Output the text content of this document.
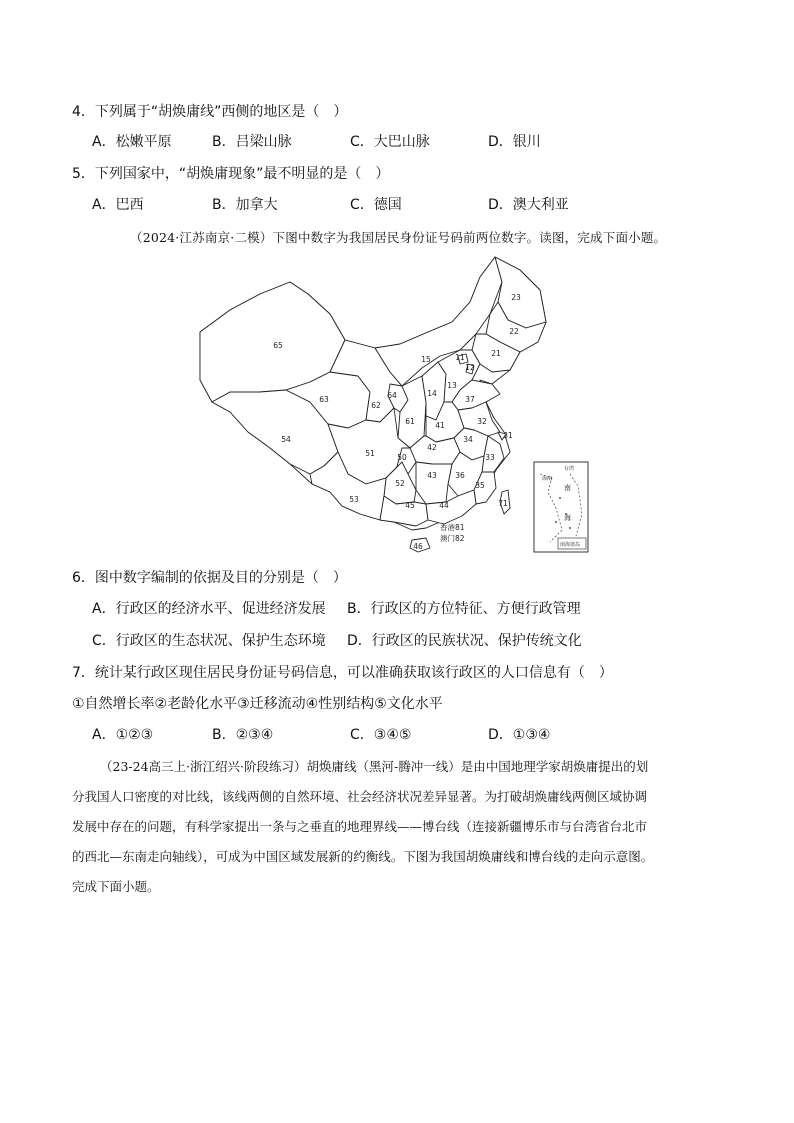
4．下列属于“胡焕庸线”西侧的地区是（　）
A．松嫩平原	B．吕梁山脉	C．大巴山脉	D．银川
5．下列国家中，“胡焕庸现象”最不明显的是（　）
A．巴西	B．加拿大	C．德国	D．澳大利亚
（2024·江苏南京·二模）下图中数字为我国居民身份证号码前两位数字。读图，完成下面小题。
23
22
21
15
65
64
62
63
14
13
11
12
37
61	41	32
31
54
51
42
34
50	33
43 36
52	35
53
45	44	71
46
香港81
澳门82
台湾
海南
南
海
南海诸岛
6．图中数字编制的依据及目的分别是（　）
A．行政区的经济水平、促进经济发展 B．行政区的方位特征、方便行政管理
C．行政区的生态状况、保护生态环境 D．行政区的民族状况、保护传统文化
7．统计某行政区现住居民身份证号码信息，可以准确获取该行政区的人口信息有（　）
①自然增长率②老龄化水平③迁移流动④性别结构⑤文化水平
A．①②③	B．②③④	C．③④⑤	D．①③④
（23-24高三上·浙江绍兴·阶段练习）胡焕庸线（黑河-腾冲一线）是由中国地理学家胡焕庸提出的划
分我国人口密度的对比线，该线两侧的自然环境、社会经济状况差异显著。为打破胡焕庸线两侧区域协调
发展中存在的问题，有科学家提出一条与之垂直的地理界线——博台线（连接新疆博乐市与台湾省台北市
的西北—东南走向轴线），可成为中国区域发展新的约衡线。下图为我国胡焕庸线和博台线的走向示意图。
完成下面小题。
